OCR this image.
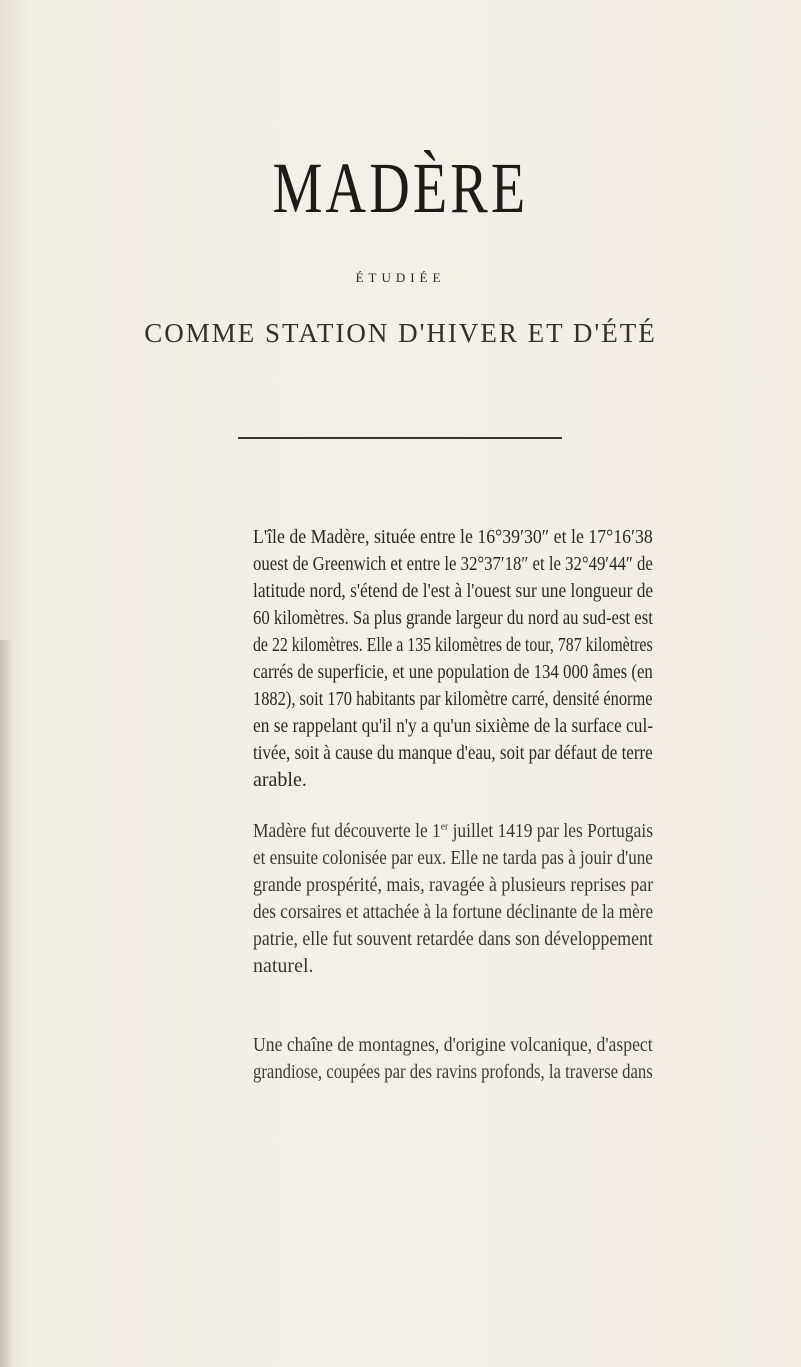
MADÈRE
ÉTUDIÉE
COMME STATION D'HIVER ET D'ÉTÉ
L'île de Madère, située entre le 16°39′30″ et le 17°16′38
ouest de Greenwich et entre le 32°37′18″ et le 32°49′44″ de
latitude nord, s'étend de l'est à l'ouest sur une longueur de
60 kilomètres. Sa plus grande largeur du nord au sud-est est
de 22 kilomètres. Elle a 135 kilomètres de tour, 787 kilomètres
carrés de superficie, et une population de 134 000 âmes (en
1882), soit 170 habitants par kilomètre carré, densité énorme
en se rappelant qu'il n'y a qu'un sixième de la surface cul-
tivée, soit à cause du manque d'eau, soit par défaut de terre
arable.
Madère fut découverte le 1er juillet 1419 par les Portugais
et ensuite colonisée par eux. Elle ne tarda pas à jouir d'une
grande prospérité, mais, ravagée à plusieurs reprises par
des corsaires et attachée à la fortune déclinante de la mère
patrie, elle fut souvent retardée dans son développement
naturel.
Une chaîne de montagnes, d'origine volcanique, d'aspect
grandiose, coupées par des ravins profonds, la traverse dans
